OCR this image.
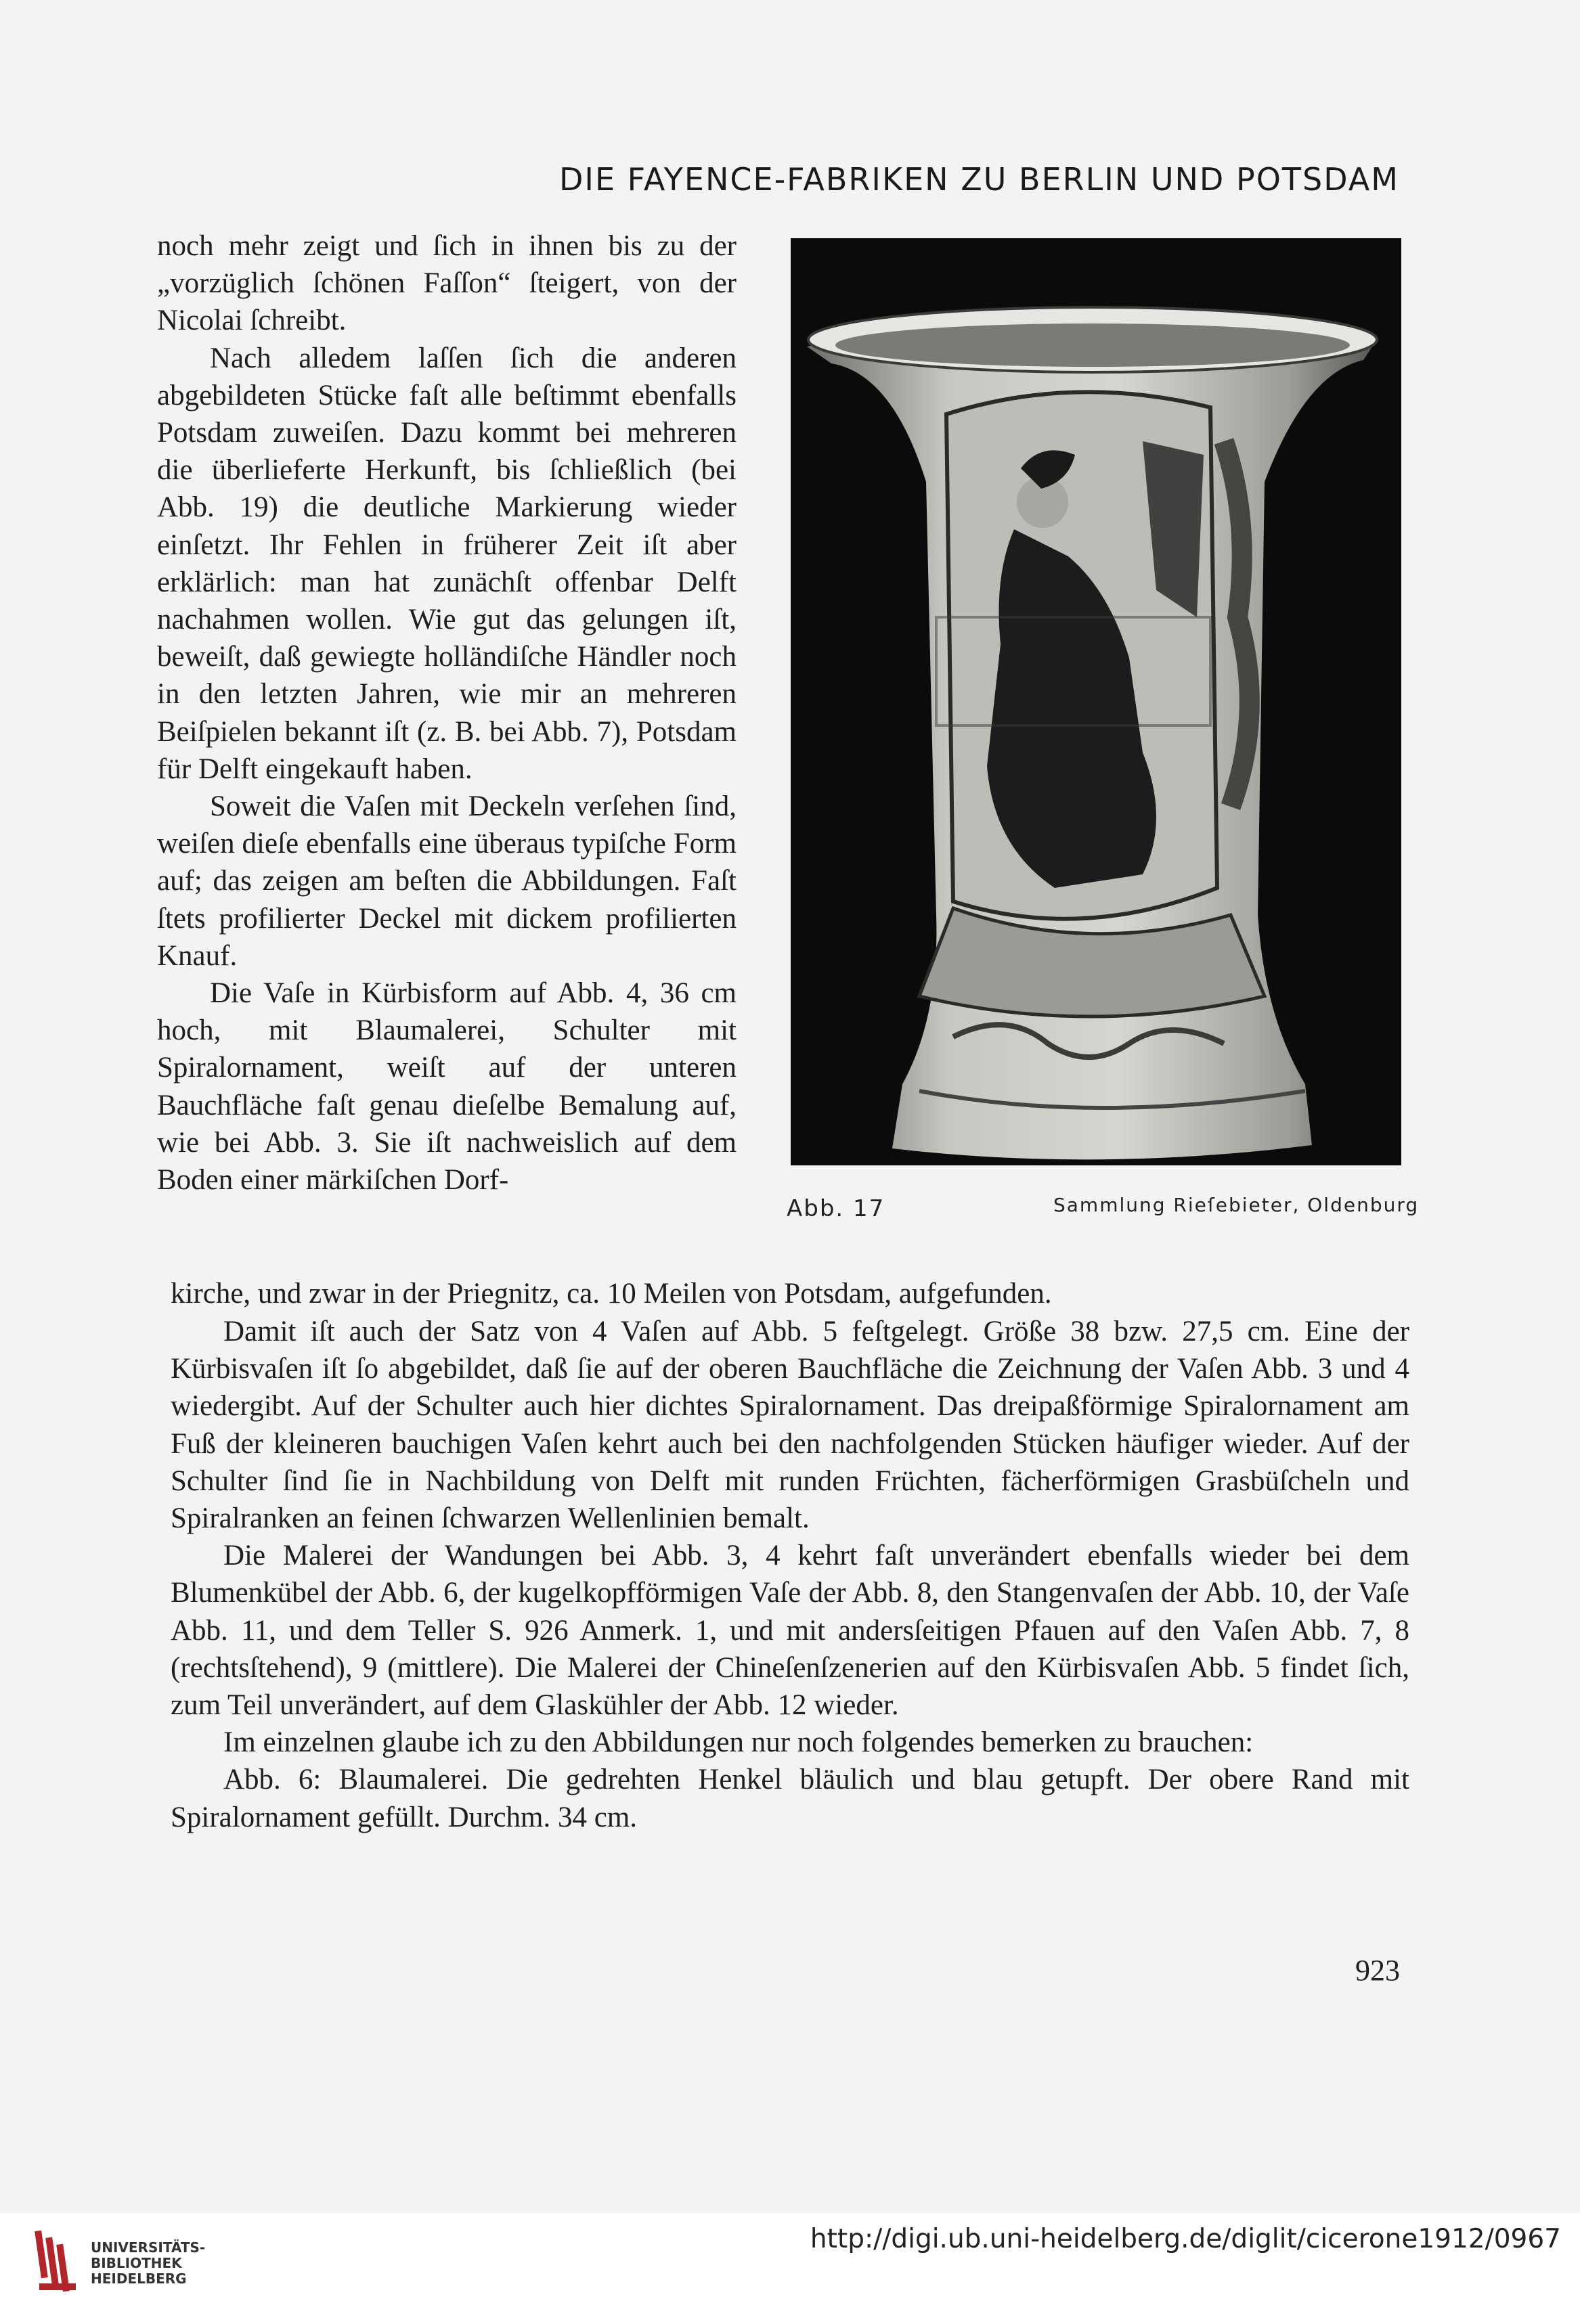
DIE FAYENCE-FABRIKEN ZU BERLIN UND POTSDAM

noch mehr zeigt und ſich in ihnen bis zu der „vorzüglich ſchönen Faſſon“ ſteigert, von der Nicolai ſchreibt.

Nach alledem laſſen ſich die anderen abgebildeten Stücke faſt alle beſtimmt ebenfalls Potsdam zuweiſen. Dazu kommt bei mehreren die überlieferte Herkunft, bis ſchließlich (bei Abb. 19) die deutliche Markierung wieder einſetzt. Ihr Fehlen in früherer Zeit iſt aber erklärlich: man hat zunächſt offenbar Delft nachahmen wollen. Wie gut das gelungen iſt, beweiſt, daß gewiegte holländiſche Händler noch in den letzten Jahren, wie mir an mehreren Beiſpielen bekannt iſt (z. B. bei Abb. 7), Potsdam für Delft eingekauft haben.

Soweit die Vaſen mit Deckeln verſehen ſind, weiſen dieſe ebenfalls eine überaus typiſche Form auf; das zeigen am beſten die Abbildungen. Faſt ſtets profilierter Deckel mit dickem profilierten Knauf.

Die Vaſe in Kürbisform auf Abb. 4, 36 cm hoch, mit Blaumalerei, Schulter mit Spiralornament, weiſt auf der unteren Bauchfläche faſt genau dieſelbe Bemalung auf, wie bei Abb. 3. Sie iſt nachweislich auf dem Boden einer märkiſchen Dorf-

Abb. 17	Sammlung Rieſebieter, Oldenburg

kirche, und zwar in der Priegnitz, ca. 10 Meilen von Potsdam, aufgefunden.

Damit iſt auch der Satz von 4 Vaſen auf Abb. 5 feſtgelegt. Größe 38 bzw. 27,5 cm. Eine der Kürbisvaſen iſt ſo abgebildet, daß ſie auf der oberen Bauchfläche die Zeichnung der Vaſen Abb. 3 und 4 wiedergibt. Auf der Schulter auch hier dichtes Spiralornament. Das dreipaßförmige Spiralornament am Fuß der kleineren bauchigen Vaſen kehrt auch bei den nachfolgenden Stücken häufiger wieder. Auf der Schulter ſind ſie in Nachbildung von Delft mit runden Früchten, fächerförmigen Grasbüſcheln und Spiralranken an feinen ſchwarzen Wellenlinien bemalt.

Die Malerei der Wandungen bei Abb. 3, 4 kehrt faſt unverändert ebenfalls wieder bei dem Blumenkübel der Abb. 6, der kugelkopfförmigen Vaſe der Abb. 8, den Stangenvaſen der Abb. 10, der Vaſe Abb. 11, und dem Teller S. 926 Anmerk. 1, und mit andersſeitigen Pfauen auf den Vaſen Abb. 7, 8 (rechtsſtehend), 9 (mittlere). Die Malerei der Chineſenſzenerien auf den Kürbisvaſen Abb. 5 findet ſich, zum Teil unverändert, auf dem Glaskühler der Abb. 12 wieder.

Im einzelnen glaube ich zu den Abbildungen nur noch folgendes bemerken zu brauchen:

Abb. 6: Blaumalerei. Die gedrehten Henkel bläulich und blau getupft. Der obere Rand mit Spiralornament gefüllt. Durchm. 34 cm.

923
UNIVERSITÄTS-
BIBLIOTHEK
HEIDELBERG
http://digi.ub.uni-heidelberg.de/diglit/cicerone1912/0967
